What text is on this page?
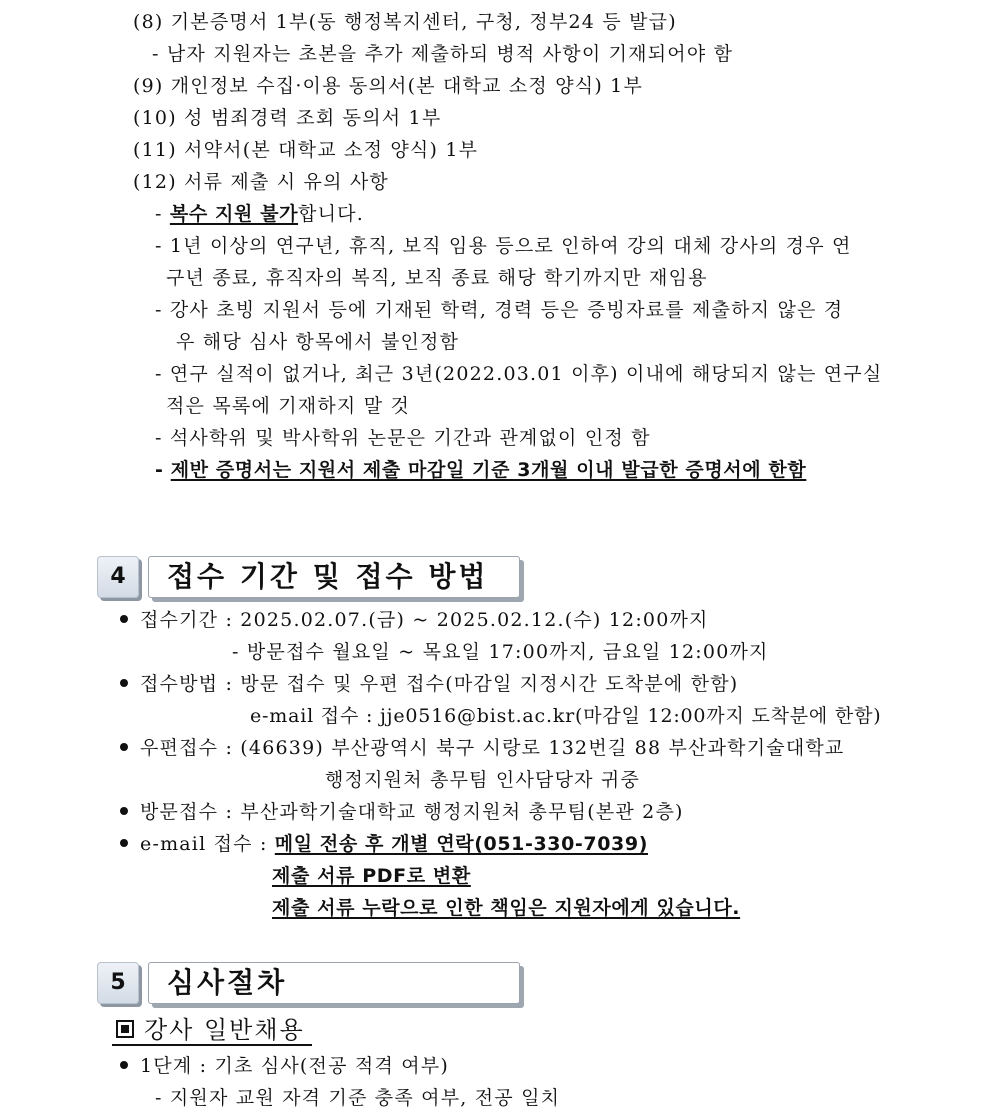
(8) 기본증명서 1부(동 행정복지센터, 구청, 정부24 등 발급)
- 남자 지원자는 초본을 추가 제출하되 병적 사항이 기재되어야 함
(9) 개인정보 수집·이용 동의서(본 대학교 소정 양식) 1부
(10) 성 범죄경력 조회 동의서 1부
(11) 서약서(본 대학교 소정 양식) 1부
(12) 서류 제출 시 유의 사항
- 복수 지원 불가합니다.
- 1년 이상의 연구년, 휴직, 보직 임용 등으로 인하여 강의 대체 강사의 경우 연
구년 종료, 휴직자의 복직, 보직 종료 해당 학기까지만 재임용
- 강사 초빙 지원서 등에 기재된 학력, 경력 등은 증빙자료를 제출하지 않은 경
우 해당 심사 항목에서 불인정함
- 연구 실적이 없거나, 최근 3년(2022.03.01 이후) 이내에 해당되지 않는 연구실
적은 목록에 기재하지 말 것
- 석사학위 및 박사학위 논문은 기간과 관계없이 인정 함
- 제반 증명서는 지원서 제출 마감일 기준 3개월 이내 발급한 증명서에 한함
4	접수 기간 및 접수 방법
접수기간 : 2025.02.07.(금) ~ 2025.02.12.(수) 12:00까지
- 방문접수 월요일 ~ 목요일 17:00까지, 금요일 12:00까지
접수방법 : 방문 접수 및 우편 접수(마감일 지정시간 도착분에 한함)
e-mail 접수 : jje0516@bist.ac.kr(마감일 12:00까지 도착분에 한함)
우편접수 : (46639) 부산광역시 북구 시랑로 132번길 88 부산과학기술대학교
행정지원처 총무팀 인사담당자 귀중
방문접수 : 부산과학기술대학교 행정지원처 총무팀(본관 2층)
e-mail 접수 : 메일 전송 후 개별 연락(051-330-7039)
제출 서류 PDF로 변환
제출 서류 누락으로 인한 책임은 지원자에게 있습니다.
5	심사절차
강사 일반채용
1단계 : 기초 심사(전공 적격 여부)
- 지원자 교원 자격 기준 충족 여부, 전공 일치
